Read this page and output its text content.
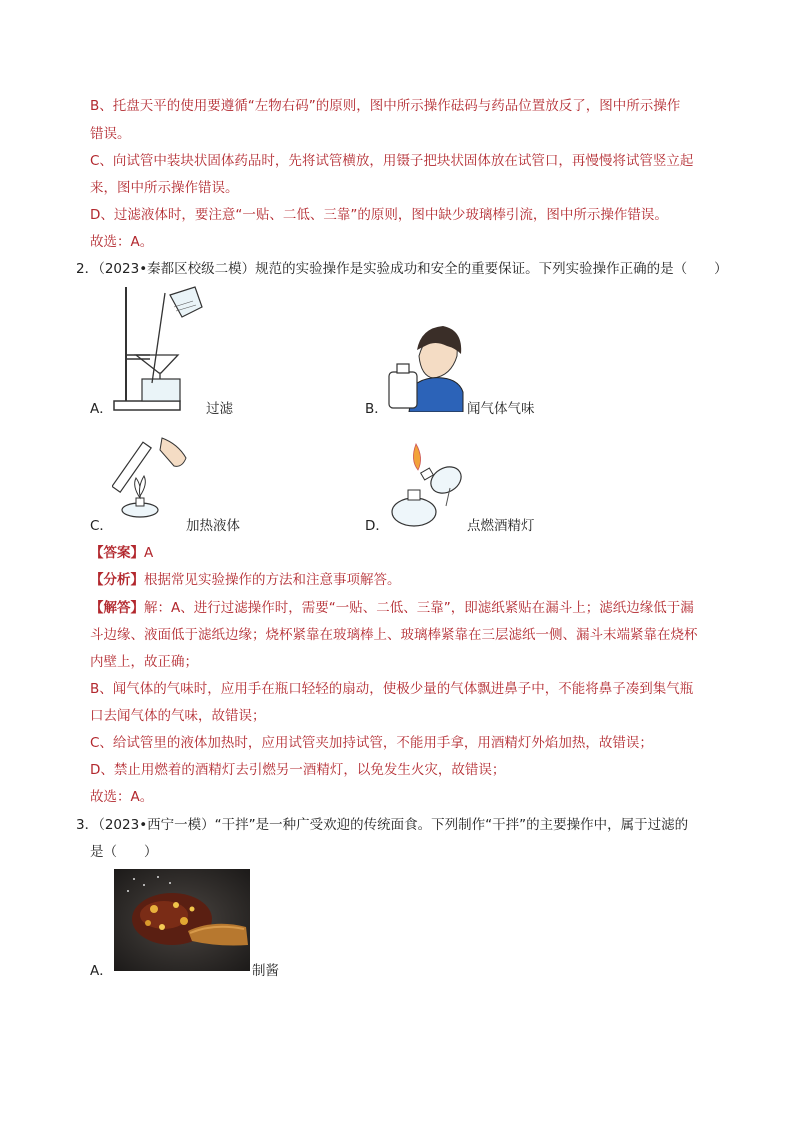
B、托盘天平的使用要遵循“左物右码”的原则，图中所示操作砝码与药品位置放反了，图中所示操作
错误。
C、向试管中装块状固体药品时，先将试管横放，用镊子把块状固体放在试管口，再慢慢将试管竖立起
来，图中所示操作错误。
D、过滤液体时，要注意“一贴、二低、三靠”的原则，图中缺少玻璃棒引流，图中所示操作错误。
故选：A。
2．（2023•秦都区校级二模）规范的实验操作是实验成功和安全的重要保证。下列实验操作正确的是（　　）
A．	过滤	B．	闻气体气味
C．	加热液体	D．	点燃酒精灯
【答案】A
【分析】根据常见实验操作的方法和注意事项解答。
【解答】解：A、进行过滤操作时，需要“一贴、二低、三靠”，即滤纸紧贴在漏斗上；滤纸边缘低于漏
斗边缘、液面低于滤纸边缘；烧杯紧靠在玻璃棒上、玻璃棒紧靠在三层滤纸一侧、漏斗末端紧靠在烧杯
内壁上，故正确；
B、闻气体的气味时，应用手在瓶口轻轻的扇动，使极少量的气体飘进鼻子中，不能将鼻子凑到集气瓶
口去闻气体的气味，故错误；
C、给试管里的液体加热时，应用试管夹加持试管，不能用手拿，用酒精灯外焰加热，故错误；
D、禁止用燃着的酒精灯去引燃另一酒精灯，以免发生火灾，故错误；
故选：A。
3．（2023•西宁一模）“干拌”是一种广受欢迎的传统面食。下列制作“干拌”的主要操作中，属于过滤的
是（　　）
A．	制酱
